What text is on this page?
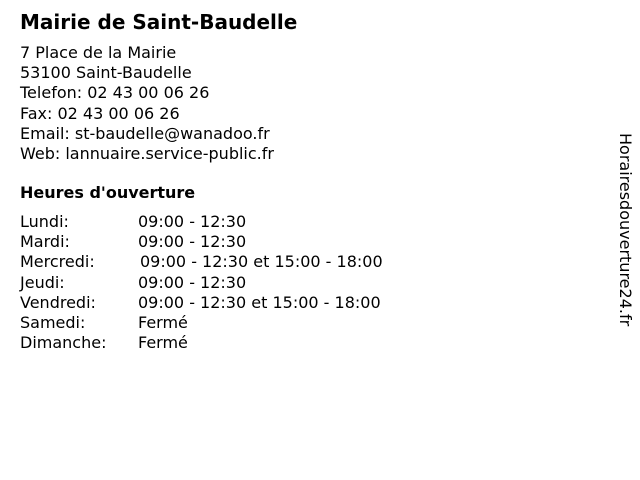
Mairie de Saint-Baudelle
7 Place de la Mairie
53100 Saint-Baudelle
Telefon: 02 43 00 06 26
Fax: 02 43 00 06 26
Email: st-baudelle@wanadoo.fr
Web: lannuaire.service-public.fr
Heures d'ouverture
Lundi:	09:00 - 12:30
Mardi:	09:00 - 12:30
Mercredi:	09:00 - 12:30 et 15:00 - 18:00
Jeudi:	09:00 - 12:30
Vendredi:	09:00 - 12:30 et 15:00 - 18:00
Samedi:	Fermé
Dimanche: Fermé
Horairesdouverture24.fr
